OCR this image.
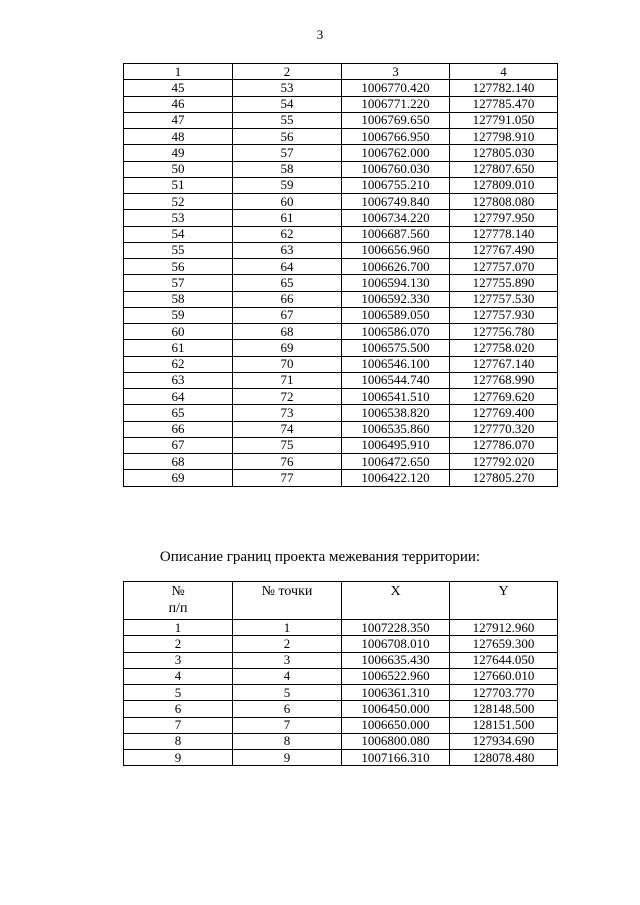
3
1	2	3	4
45	53	1006770.420	127782.140
46	54	1006771.220	127785.470
47	55	1006769.650	127791.050
48	56	1006766.950	127798.910
49	57	1006762.000	127805.030
50	58	1006760.030	127807.650
51	59	1006755.210	127809.010
52	60	1006749.840	127808.080
53	61	1006734.220	127797.950
54	62	1006687.560	127778.140
55	63	1006656.960	127767.490
56	64	1006626.700	127757.070
57	65	1006594.130	127755.890
58	66	1006592.330	127757.530
59	67	1006589.050	127757.930
60	68	1006586.070	127756.780
61	69	1006575.500	127758.020
62	70	1006546.100	127767.140
63	71	1006544.740	127768.990
64	72	1006541.510	127769.620
65	73	1006538.820	127769.400
66	74	1006535.860	127770.320
67	75	1006495.910	127786.070
68	76	1006472.650	127792.020
69	77	1006422.120	127805.270
Описание границ проекта межевания территории:
№
п/п	№ точки	X	Y
1	1	1007228.350	127912.960
2	2	1006708.010	127659.300
3	3	1006635.430	127644.050
4	4	1006522.960	127660.010
5	5	1006361.310	127703.770
6	6	1006450.000	128148.500
7	7	1006650.000	128151.500
8	8	1006800.080	127934.690
9	9	1007166.310	128078.480
